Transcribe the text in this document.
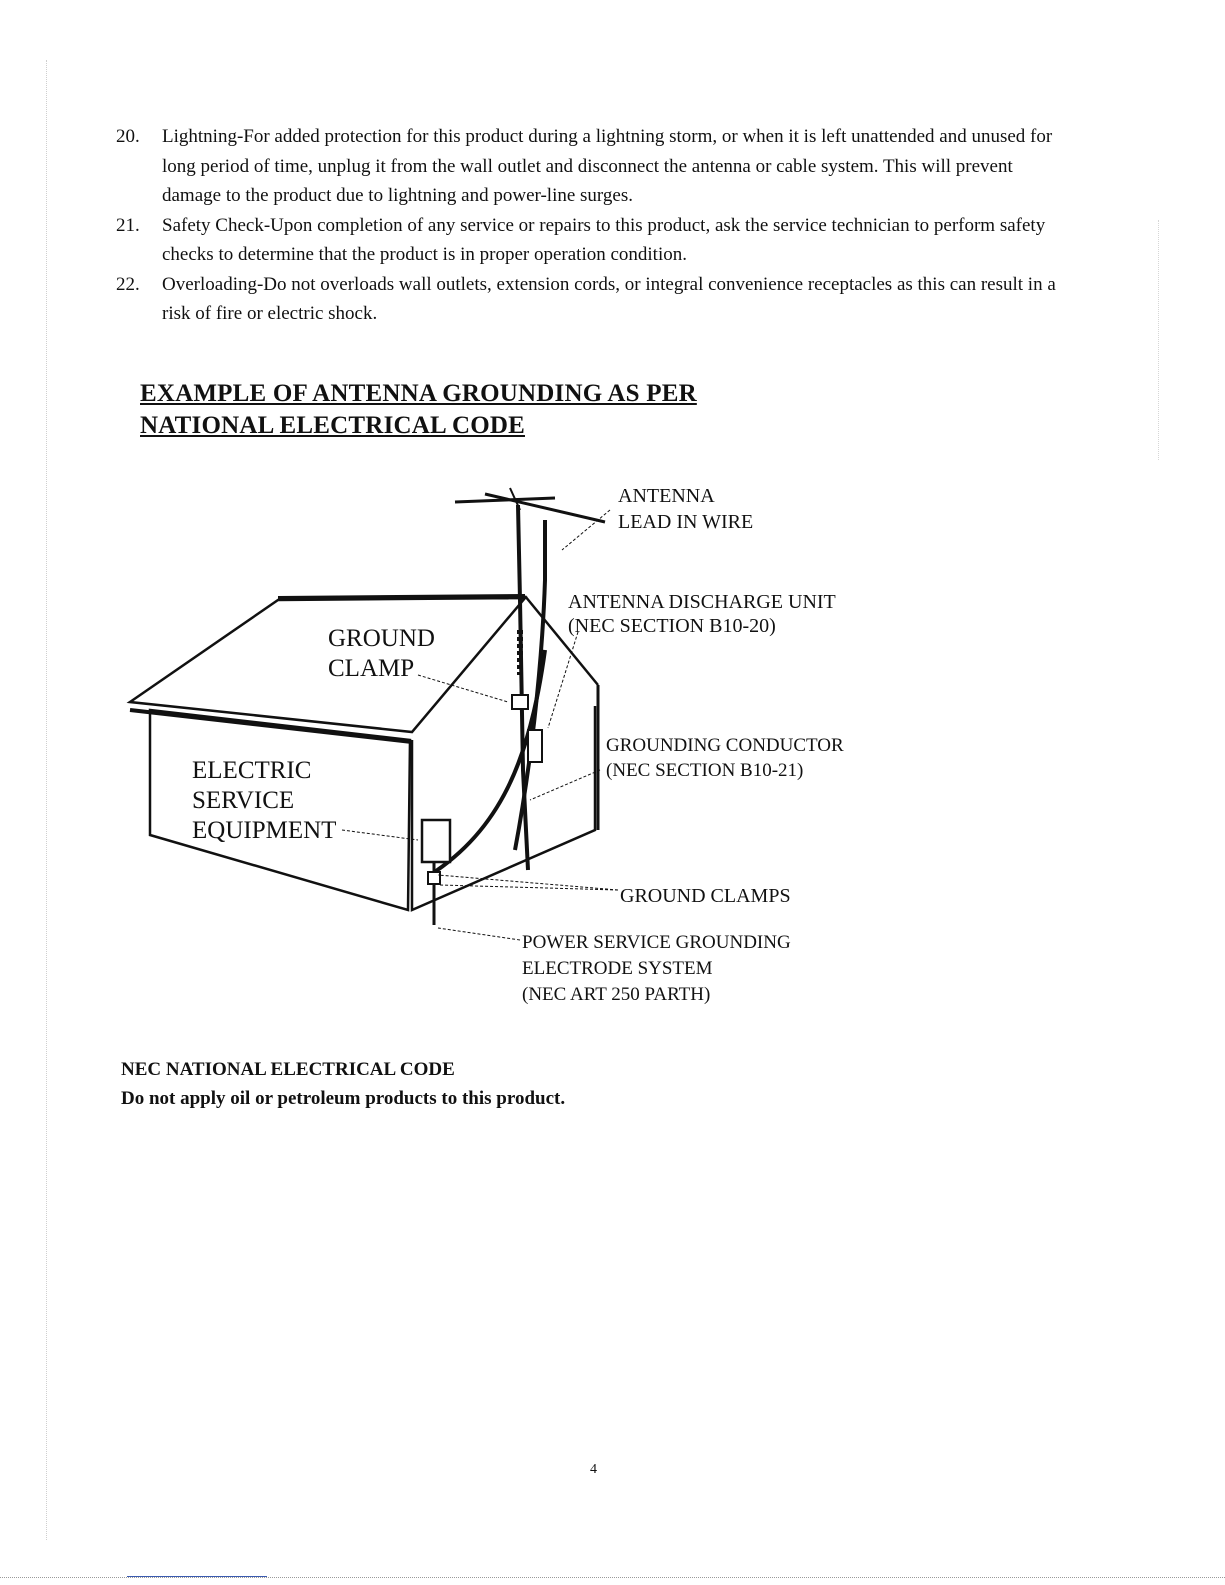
20. Lightning-For added protection for this product during a lightning storm, or when it is left unattended and unused for long period of time, unplug it from the wall outlet and disconnect the antenna or cable system. This will prevent damage to the product due to lightning and power-line surges.
21. Safety Check-Upon completion of any service or repairs to this product, ask the service technician to perform safety checks to determine that the product is in proper operation condition.
22. Overloading-Do not overloads wall outlets, extension cords, or integral convenience receptacles as this can result in a risk of fire or electric shock.
EXAMPLE OF ANTENNA GROUNDING AS PER
NATIONAL ELECTRICAL CODE
ANTENNA
LEAD IN WIRE
ANTENNA DISCHARGE UNIT
(NEC SECTION B10-20)
GROUND
CLAMP
GROUNDING CONDUCTOR
(NEC SECTION B10-21)
ELECTRIC
SERVICE
EQUIPMENT
GROUND CLAMPS
POWER SERVICE GROUNDING
ELECTRODE SYSTEM
(NEC ART 250 PARTH)
NEC NATIONAL ELECTRICAL CODE
Do not apply oil or petroleum products to this product.
4
